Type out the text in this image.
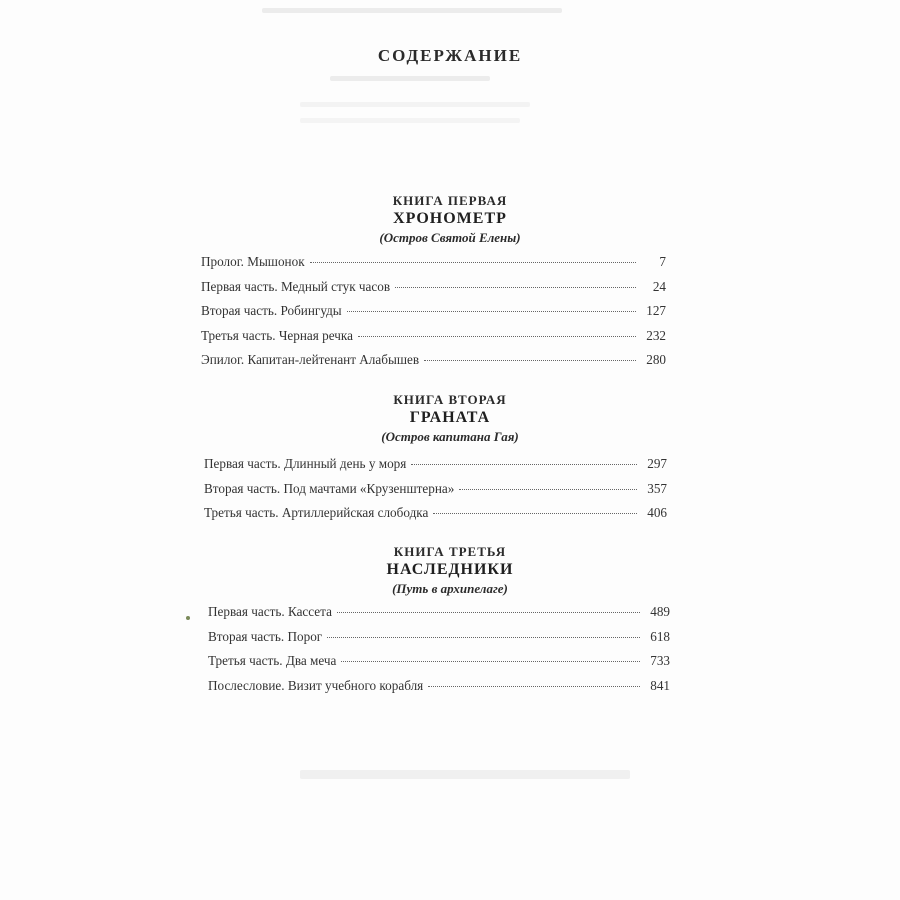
СОДЕРЖАНИЕ
КНИГА ПЕРВАЯ
ХРОНОМЕТР
(Остров Святой Елены)
Пролог. Мышонок	7
Первая часть. Медный стук часов	24
Вторая часть. Робингуды	127
Третья часть. Черная речка	232
Эпилог. Капитан-лейтенант Алабышев	280
КНИГА ВТОРАЯ
ГРАНАТА
(Остров капитана Гая)
Первая часть. Длинный день у моря	297
Вторая часть. Под мачтами «Крузенштерна»	357
Третья часть. Артиллерийская слободка	406
КНИГА ТРЕТЬЯ
НАСЛЕДНИКИ
(Путь в архипелаге)
Первая часть. Кассета	489
Вторая часть. Порог	618
Третья часть. Два меча	733
Послесловие. Визит учебного корабля	841
